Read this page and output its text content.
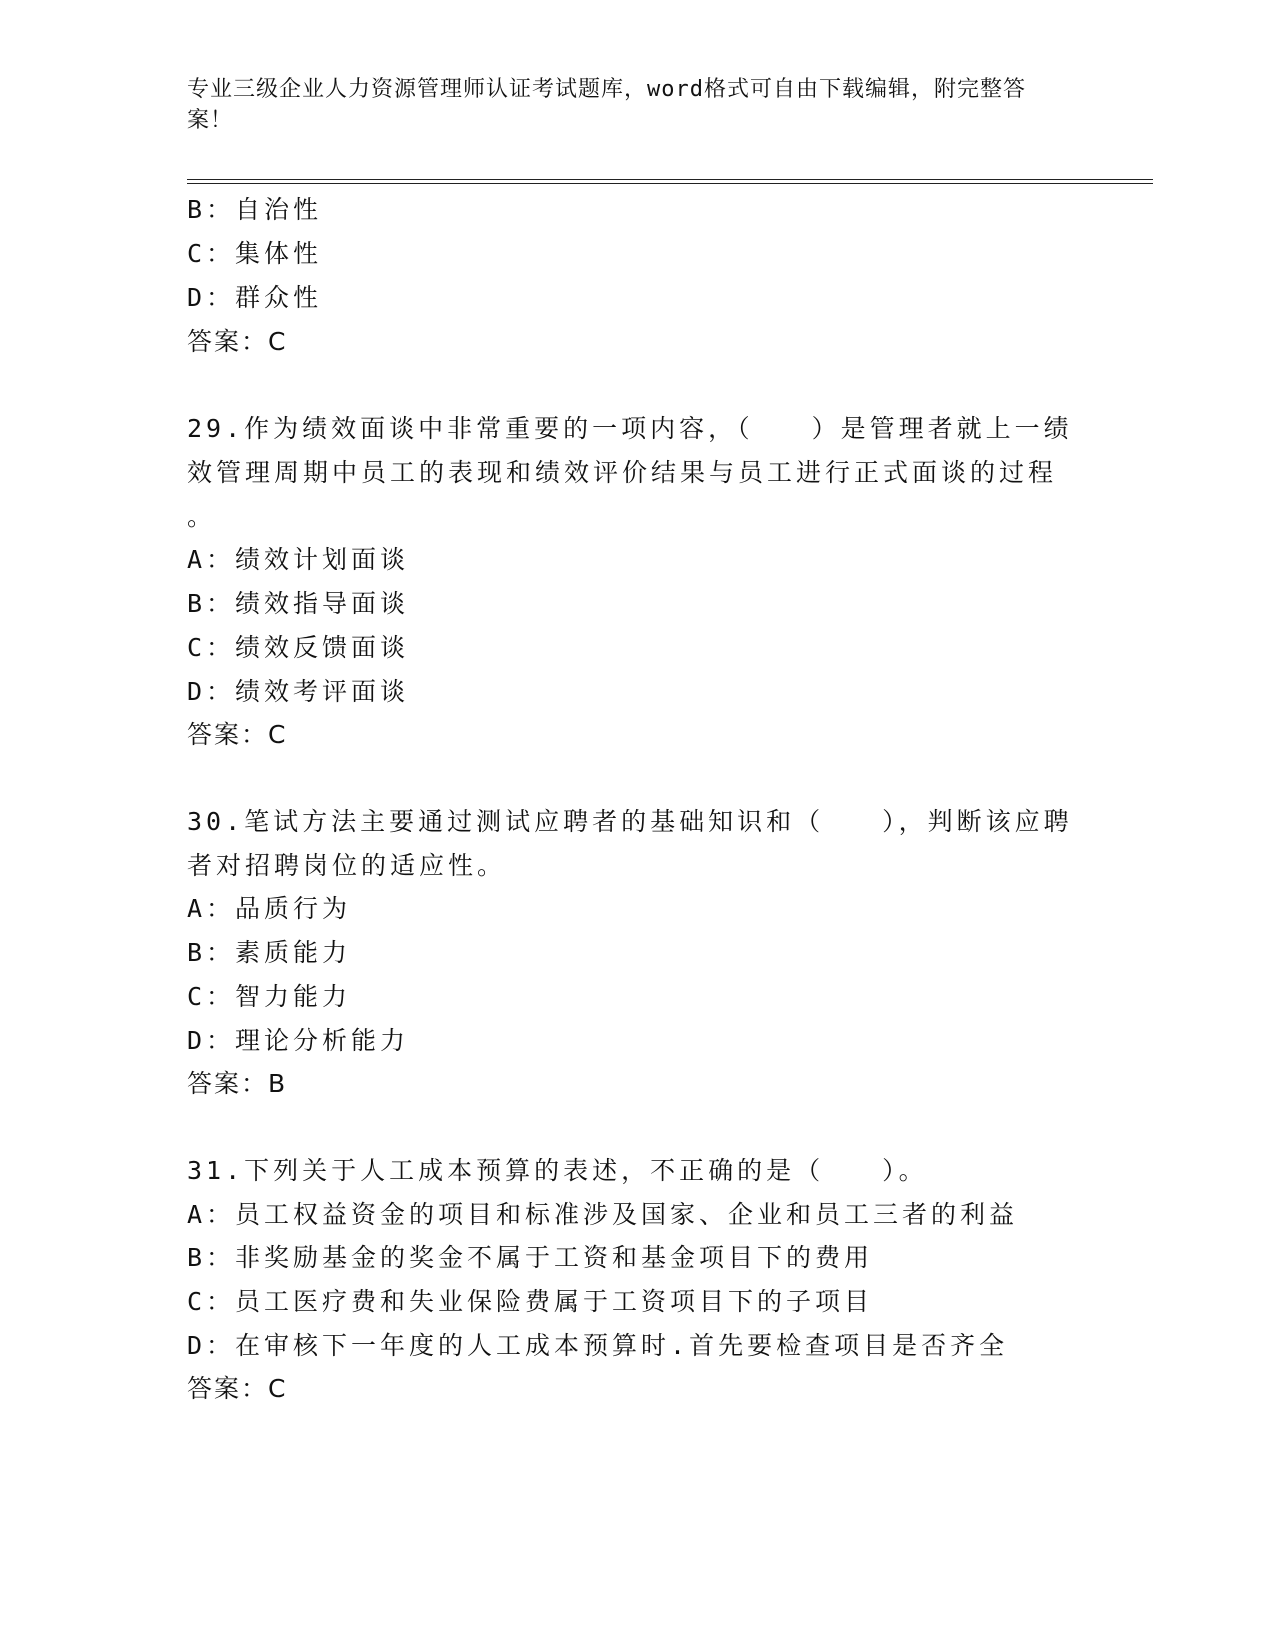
专业三级企业人力资源管理师认证考试题库，word格式可自由下载编辑，附完整答案！
B：自治性
C：集体性
D：群众性
答案：C
29.作为绩效面谈中非常重要的一项内容，（　　）是管理者就上一绩
效管理周期中员工的表现和绩效评价结果与员工进行正式面谈的过程
。
A：绩效计划面谈
B：绩效指导面谈
C：绩效反馈面谈
D：绩效考评面谈
答案：C
30.笔试方法主要通过测试应聘者的基础知识和（　　），判断该应聘
者对招聘岗位的适应性。
A：品质行为
B：素质能力
C：智力能力
D：理论分析能力
答案：B
31.下列关于人工成本预算的表述，不正确的是（　　）。
A：员工权益资金的项目和标准涉及国家、企业和员工三者的利益
B：非奖励基金的奖金不属于工资和基金项目下的费用
C：员工医疗费和失业保险费属于工资项目下的子项目
D：在审核下一年度的人工成本预算时.首先要检查项目是否齐全
答案：C
